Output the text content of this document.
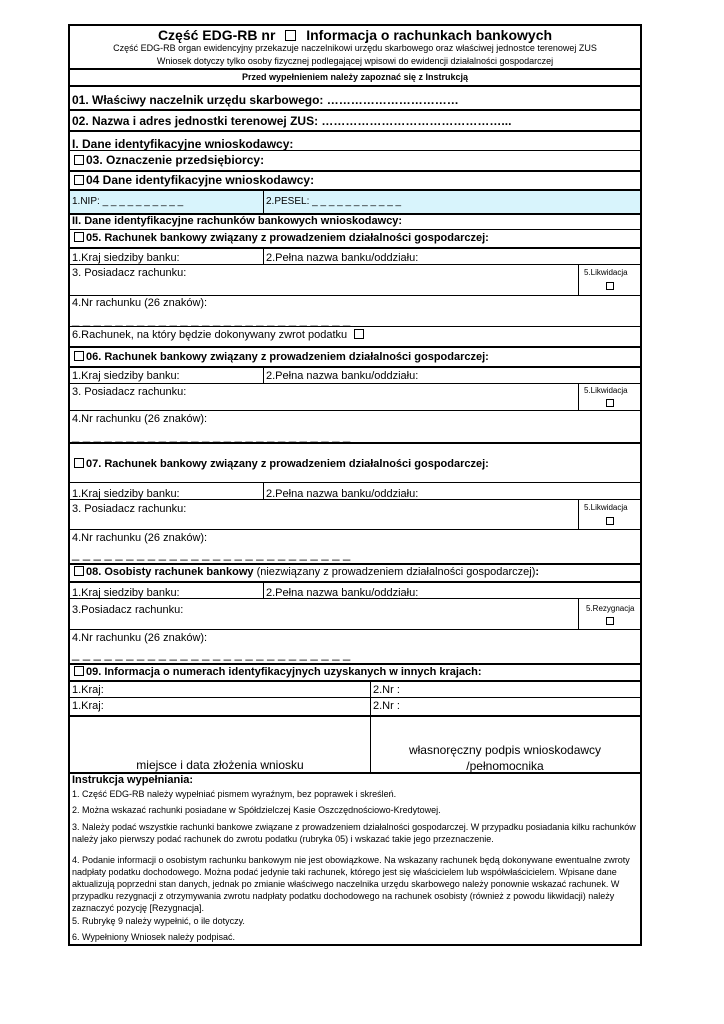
Część EDG-RB nr Informacja o rachunkach bankowych
Część EDG-RB organ ewidencyjny przekazuje naczelnikowi urzędu skarbowego oraz właściwej jednostce terenowej ZUS
Wniosek dotyczy tylko osoby fizycznej podlegającej wpisowi do ewidencji działalności gospodarczej
Przed wypełnieniem należy zapoznać się z Instrukcją
01. Właściwy naczelnik urzędu skarbowego: ……………………………
02. Nazwa i adres jednostki terenowej ZUS: ………………………………………...
I. Dane identyfikacyjne wnioskodawcy:
03. Oznaczenie przedsiębiorcy:
04 Dane identyfikacyjne wnioskodawcy:
1.NIP: _ _ _ _ _ _ _ _ _ _	2.PESEL: _ _ _ _ _ _ _ _ _ _ _
II. Dane identyfikacyjne rachunków bankowych wnioskodawcy:
05. Rachunek bankowy związany z prowadzeniem działalności gospodarczej:
1.Kraj siedziby banku:	2.Pełna nazwa banku/oddziału:
3. Posiadacz rachunku:	5.Likwidacja
4.Nr rachunku (26 znaków):
_ _ _ _ _ _ _ _ _ _ _ _ _ _ _ _ _ _ _ _ _ _ _ _ _ _
6.Rachunek, na który będzie dokonywany zwrot podatku
06. Rachunek bankowy związany z prowadzeniem działalności gospodarczej:
1.Kraj siedziby banku:	2.Pełna nazwa banku/oddziału:
3. Posiadacz rachunku:	5.Likwidacja
4.Nr rachunku (26 znaków):
_ _ _ _ _ _ _ _ _ _ _ _ _ _ _ _ _ _ _ _ _ _ _ _ _ _
07. Rachunek bankowy związany z prowadzeniem działalności gospodarczej:
1.Kraj siedziby banku:	2.Pełna nazwa banku/oddziału:
3. Posiadacz rachunku:	5.Likwidacja
4.Nr rachunku (26 znaków):
_ _ _ _ _ _ _ _ _ _ _ _ _ _ _ _ _ _ _ _ _ _ _ _ _ _
08. Osobisty rachunek bankowy (niezwiązany z prowadzeniem działalności gospodarczej):
1.Kraj siedziby banku:	2.Pełna nazwa banku/oddziału:
3.Posiadacz rachunku:	5.Rezygnacja
4.Nr rachunku (26 znaków):
_ _ _ _ _ _ _ _ _ _ _ _ _ _ _ _ _ _ _ _ _ _ _ _ _ _
09. Informacja o numerach identyfikacyjnych uzyskanych w innych krajach:
1.Kraj:	2.Nr :
1.Kraj:	2.Nr :
miejsce i data złożenia wniosku
własnoręczny podpis wnioskodawcy
/pełnomocnika
Instrukcja wypełniania:
1. Część EDG-RB należy wypełniać pismem wyraźnym, bez poprawek i skreśleń.
2. Można wskazać rachunki posiadane w Spółdzielczej Kasie Oszczędnościowo-Kredytowej.
3. Należy podać wszystkie rachunki bankowe związane z prowadzeniem działalności gospodarczej. W przypadku posiadania kilku rachunków należy jako pierwszy podać rachunek do zwrotu podatku (rubryka 05) i wskazać takie jego przeznaczenie.
4. Podanie informacji o osobistym rachunku bankowym nie jest obowiązkowe. Na wskazany rachunek będą dokonywane ewentualne zwroty nadpłaty podatku dochodowego. Można podać jedynie taki rachunek, którego jest się właścicielem lub współwłaścicielem. Wpisane dane aktualizują poprzedni stan danych, jednak po zmianie właściwego naczelnika urzędu skarbowego należy ponownie wskazać rachunek. W przypadku rezygnacji z otrzymywania zwrotu nadpłaty podatku dochodowego na rachunek osobisty (również z powodu likwidacji) należy zaznaczyć pozycję [Rezygnacja].
5. Rubrykę 9 należy wypełnić, o ile dotyczy.
6. Wypełniony Wniosek należy podpisać.
